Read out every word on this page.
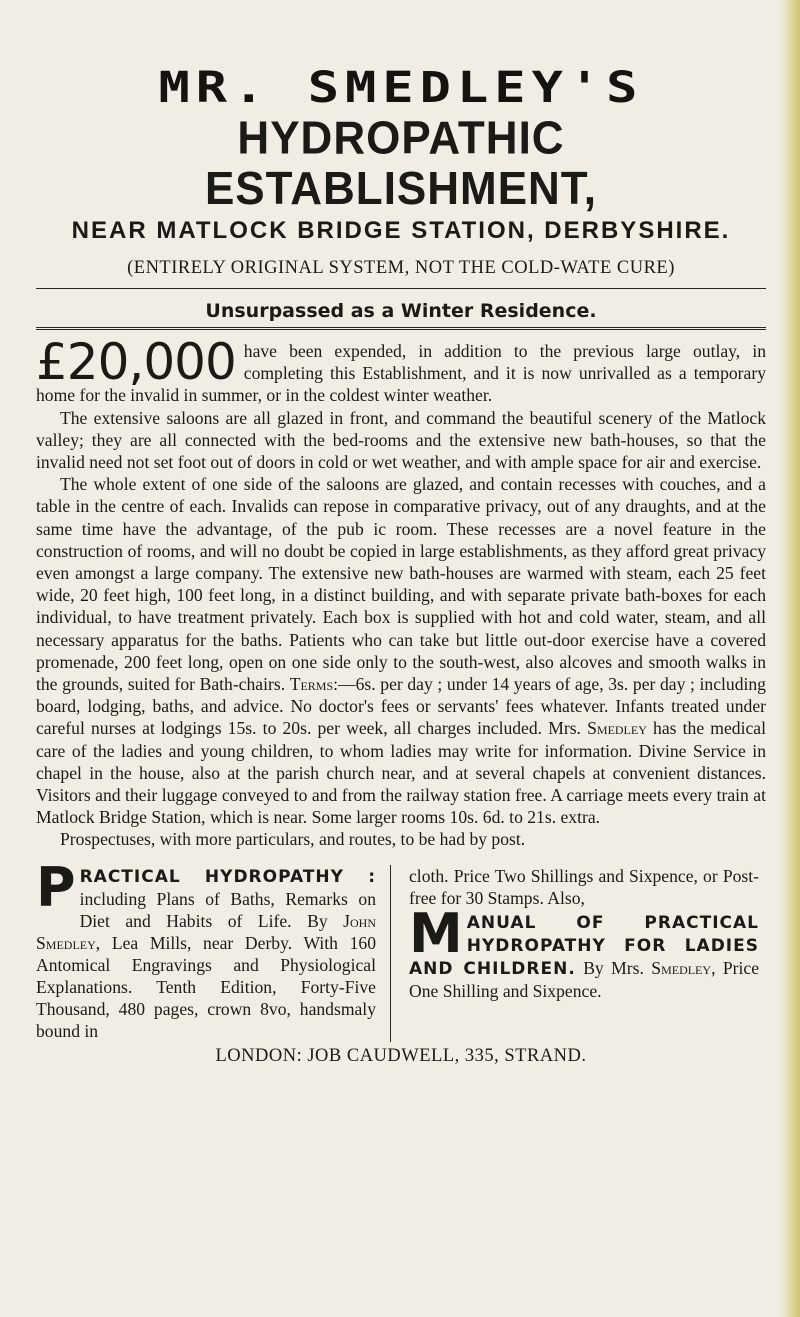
MR. SMEDLEY'S
HYDROPATHIC ESTABLISHMENT,
NEAR MATLOCK BRIDGE STATION, DERBYSHIRE.
(ENTIRELY ORIGINAL SYSTEM, NOT THE COLD-WATE CURE)
Unsurpassed as a Winter Residence.

£20,000 have been expended, in addition to the previous large outlay, in completing this Establishment, and it is now unrivalled as a temporary home for the invalid in summer, or in the coldest winter weather.

The extensive saloons are all glazed in front, and command the beautiful scenery of the Matlock valley; they are all connected with the bed-rooms and the extensive new bath-houses, so that the invalid need not set foot out of doors in cold or wet weather, and with ample space for air and exercise.

The whole extent of one side of the saloons are glazed, and contain recesses with couches, and a table in the centre of each. Invalids can repose in comparative privacy, out of any draughts, and at the same time have the advantage, of the pub ic room. These recesses are a novel feature in the construction of rooms, and will no doubt be copied in large establishments, as they afford great privacy even amongst a large company. The extensive new bath-houses are warmed with steam, each 25 feet wide, 20 feet high, 100 feet long, in a distinct building, and with separate private bath-boxes for each individual, to have treatment privately. Each box is supplied with hot and cold water, steam, and all necessary apparatus for the baths. Patients who can take but little out-door exercise have a covered promenade, 200 feet long, open on one side only to the south-west, also alcoves and smooth walks in the grounds, suited for Bath-chairs. Terms:—6s. per day ; under 14 years of age, 3s. per day ; including board, lodging, baths, and advice. No doctor's fees or servants' fees whatever. Infants treated under careful nurses at lodgings 15s. to 20s. per week, all charges included. Mrs. Smedley has the medical care of the ladies and young children, to whom ladies may write for information. Divine Service in chapel in the house, also at the parish church near, and at several chapels at convenient distances. Visitors and their luggage conveyed to and from the railway station free. A carriage meets every train at Matlock Bridge Station, which is near. Some larger rooms 10s. 6d. to 21s. extra.

Prospectuses, with more particulars, and routes, to be had by post.

PRACTICAL HYDROPATHY : including Plans of Baths, Remarks on Diet and Habits of Life. By John Smedley, Lea Mills, near Derby. With 160 Antomical Engravings and Physiological Explanations. Tenth Edition, Forty-Five Thousand, 480 pages, crown 8vo, handsmaly bound in
cloth. Price Two Shillings and Sixpence, or Post-free for 30 Stamps. Also,
MANUAL OF PRACTICAL HYDROPATHY FOR LADIES AND CHILDREN. By Mrs. Smedley, Price One Shilling and Sixpence.
LONDON: JOB CAUDWELL, 335, STRAND.
